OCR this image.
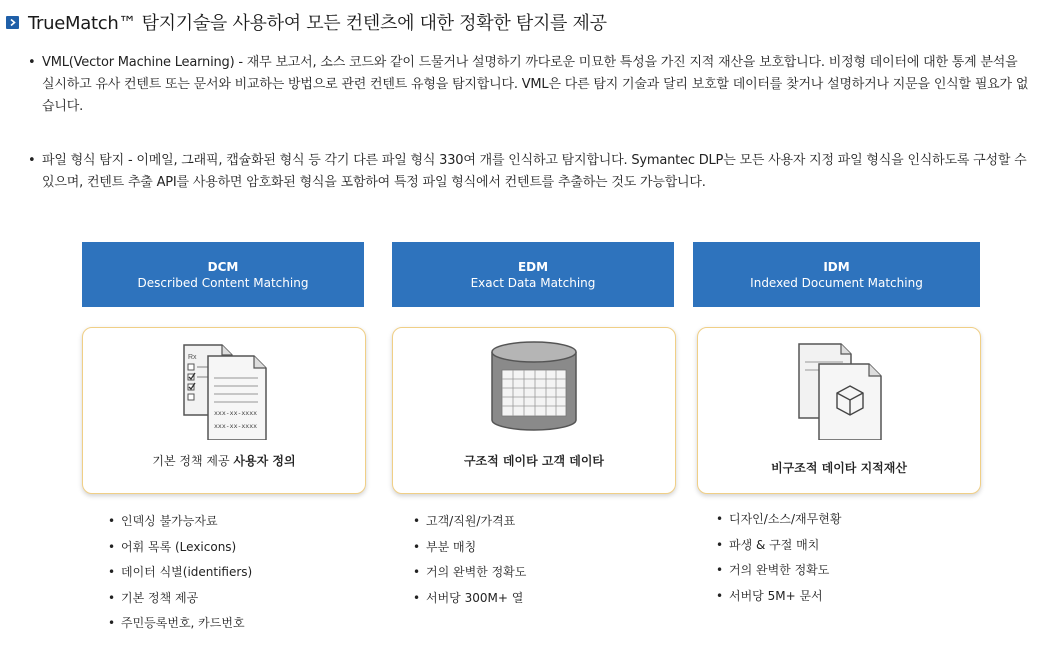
TrueMatch™ 탐지기술을 사용하여 모든 컨텐츠에 대한 정확한 탐지를 제공
• VML(Vector Machine Learning) - 재무 보고서, 소스 코드와 같이 드물거나 설명하기 까다로운 미묘한 특성을 가진 지적 재산을 보호합니다. 비정형 데이터에 대한 통계 분석을 실시하고 유사 컨텐트 또는 문서와 비교하는 방법으로 관련 컨텐트 유형을 탐지합니다. VML은 다른 탐지 기술과 달리 보호할 데이터를 찾거나 설명하거나 지문을 인식할 필요가 없습니다.
• 파일 형식 탐지 - 이메일, 그래픽, 캡슐화된 형식 등 각기 다른 파일 형식 330여 개를 인식하고 탐지합니다. Symantec DLP는 모든 사용자 지정 파일 형식을 인식하도록 구성할 수 있으며, 컨텐트 추출 API를 사용하면 암호화된 형식을 포함하여 특정 파일 형식에서 컨텐트를 추출하는 것도 가능합니다.
DCM
Described Content Matching
EDM
Exact Data Matching
IDM
Indexed Document Matching
Rx
xxx-xx-xxxx
xxx-xx-xxxx
기본 정책 제공 사용자 정의	구조적 데이타 고객 데이타	비구조적 데이타 지적재산
• 인덱싱 불가능자료
• 어휘 목록 (Lexicons)
• 데이터 식별(identifiers)
• 기본 정책 제공
• 주민등록번호, 카드번호
• 고객/직원/가격표
• 부분 매칭
• 거의 완벽한 정확도
• 서버당 300M+ 열
• 디자인/소스/재무현황
• 파생 & 구절 매치
• 거의 완벽한 정확도
• 서버당 5M+ 문서
